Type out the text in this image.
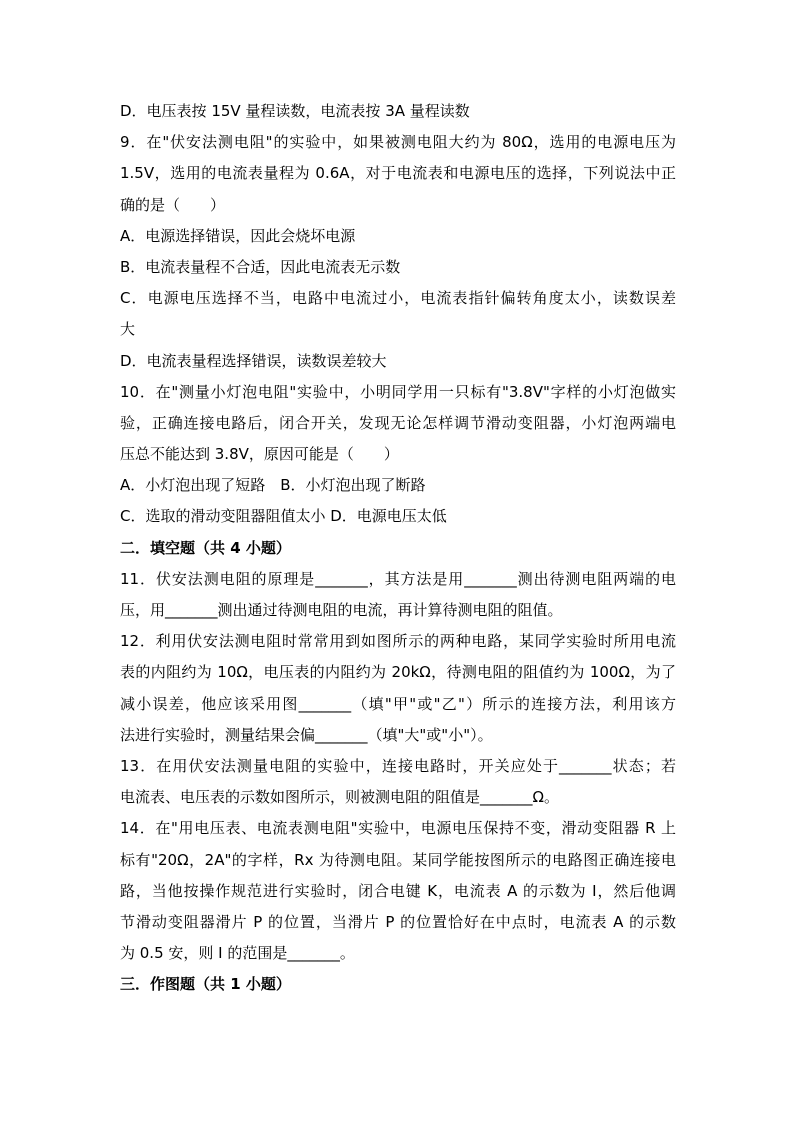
D．电压表按 15V 量程读数，电流表按 3A 量程读数
9．在"伏安法测电阻"的实验中，如果被测电阻大约为 80Ω，选用的电源电压为
1.5V，选用的电流表量程为 0.6A，对于电流表和电源电压的选择，下列说法中正
确的是（　　）
A．电源选择错误，因此会烧坏电源
B．电流表量程不合适，因此电流表无示数
C．电源电压选择不当，电路中电流过小，电流表指针偏转角度太小，读数误差
大
D．电流表量程选择错误，读数误差较大
10．在"测量小灯泡电阻"实验中，小明同学用一只标有"3.8V"字样的小灯泡做实
验，正确连接电路后，闭合开关，发现无论怎样调节滑动变阻器，小灯泡两端电
压总不能达到 3.8V，原因可能是（　　）
A．小灯泡出现了短路　B．小灯泡出现了断路
C．选取的滑动变阻器阻值太小 D．电源电压太低
二．填空题（共 4 小题）
11．伏安法测电阻的原理是_______，其方法是用_______测出待测电阻两端的电
压，用_______测出通过待测电阻的电流，再计算待测电阻的阻值。
12．利用伏安法测电阻时常常用到如图所示的两种电路，某同学实验时所用电流
表的内阻约为 10Ω，电压表的内阻约为 20kΩ，待测电阻的阻值约为 100Ω，为了
减小误差，他应该采用图_______（填"甲"或"乙"）所示的连接方法，利用该方
法进行实验时，测量结果会偏_______（填"大"或"小"）。
13．在用伏安法测量电阻的实验中，连接电路时，开关应处于_______状态；若
电流表、电压表的示数如图所示，则被测电阻的阻值是_______Ω。
14．在"用电压表、电流表测电阻"实验中，电源电压保持不变，滑动变阻器 R 上
标有"20Ω，2A"的字样，Rx 为待测电阻。某同学能按图所示的电路图正确连接电
路，当他按操作规范进行实验时，闭合电键 K，电流表 A 的示数为 I，然后他调
节滑动变阻器滑片 P 的位置，当滑片 P 的位置恰好在中点时，电流表 A 的示数
为 0.5 安，则 I 的范围是_______。
三．作图题（共 1 小题）
